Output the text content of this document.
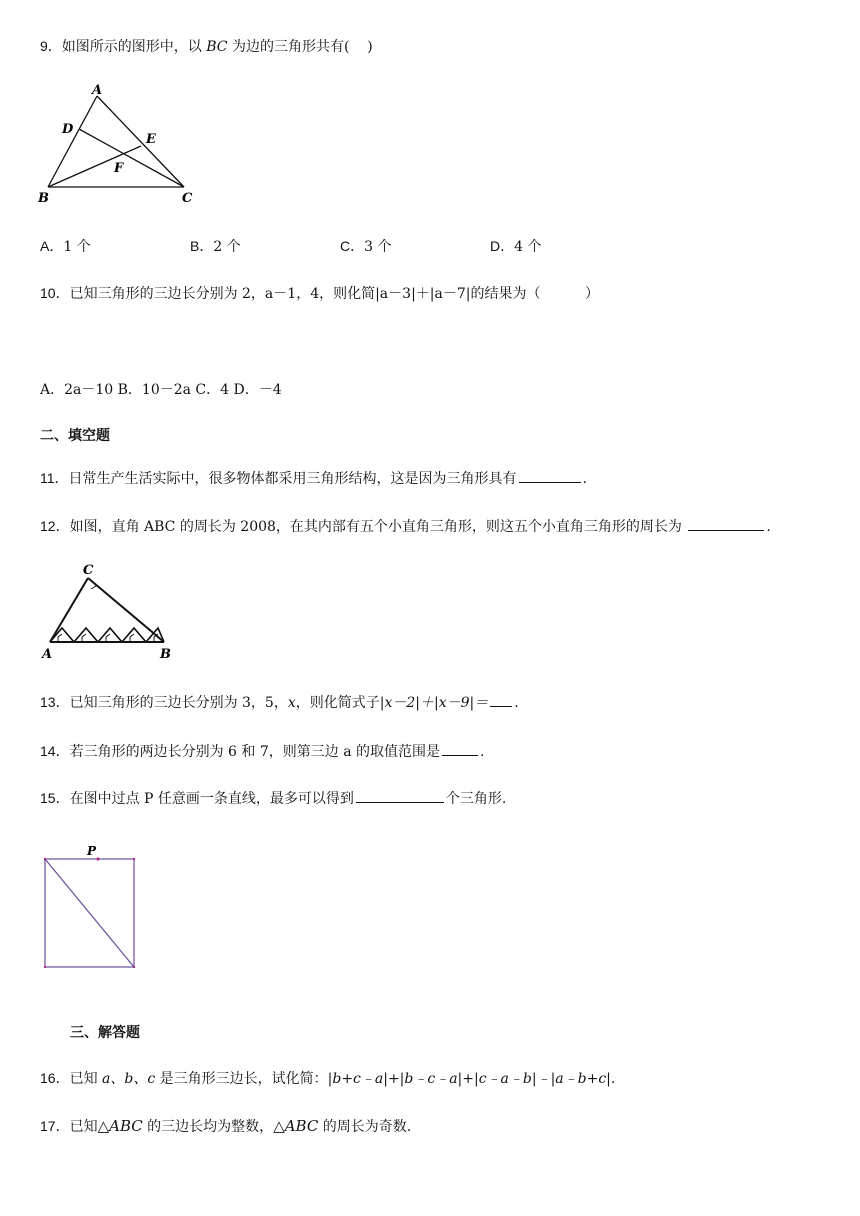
9．如图所示的图形中，以 BC 为边的三角形共有(    )
A
D
E
F
B	C
A．1 个	B．2 个	C．3 个	D．4 个
10．已知三角形的三边长分别为 2，a－1，4，则化简|a－3|＋|a－7|的结果为（          ）
A．2a－10 B．10－2a C．4 D．－4
二、填空题
11．日常生产生活实际中，很多物体都采用三角形结构，这是因为三角形具有	.
12．如图，直角 ABC 的周长为 2008，在其内部有五个小直角三角形，则这五个小直角三角形的周长为	.
C
A	B
13．已知三角形的三边长分别为 3，5，x，则化简式子|x－2|＋|x－9|＝ .
14．若三角形的两边长分别为 6 和 7，则第三边 a 的取值范围是	.
15．在图中过点 P 任意画一条直线，最多可以得到	个三角形.
P
三、解答题
16．已知 a、b、c 是三角形三边长，试化简：|b+c﹣a|+|b﹣c﹣a|+|c﹣a﹣b|﹣|a﹣b+c|.
17．已知△ABC 的三边长均为整数，△ABC 的周长为奇数.
